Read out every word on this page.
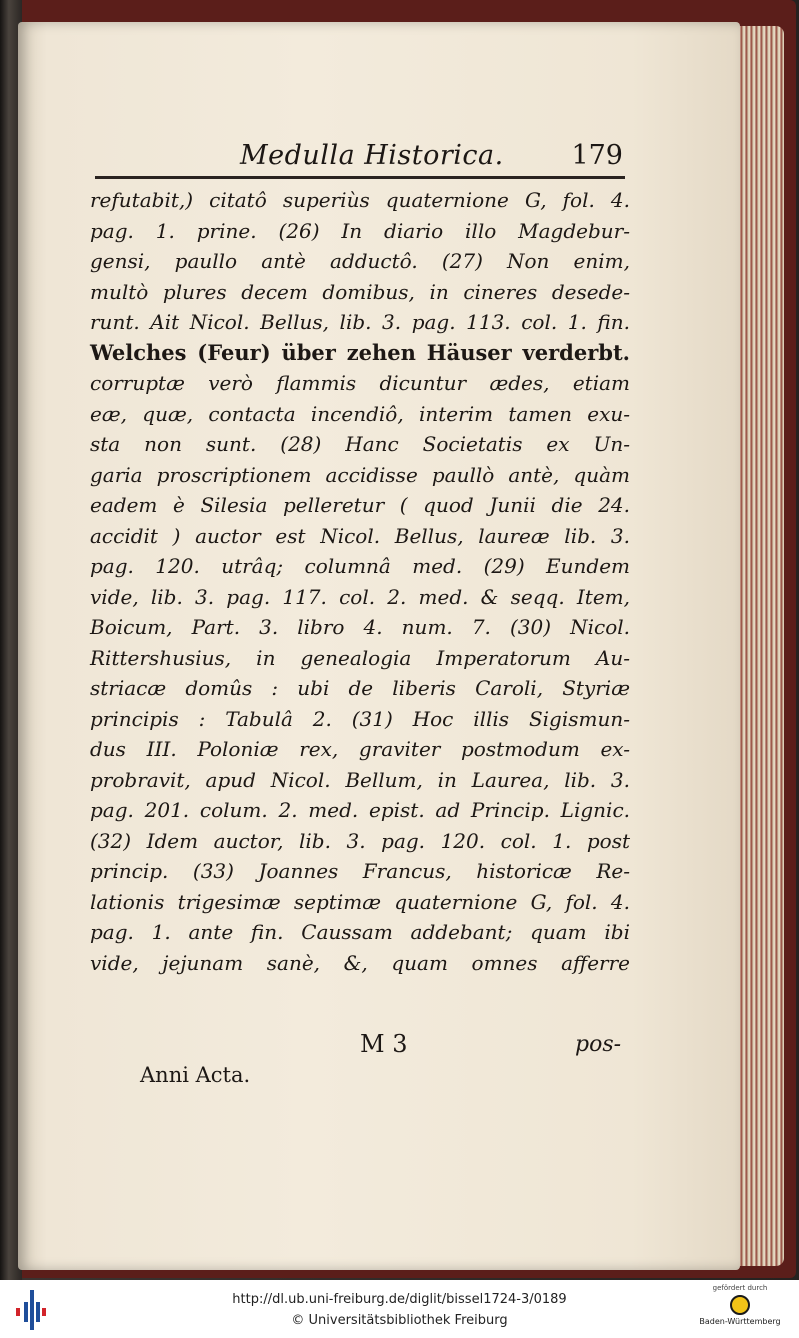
Medulla Historica.	179
refutabit,) citatô superiùs quaternione G, fol. 4.
pag. 1. prine. (26) In diario illo Magdebur-
gensi, paullo antè adductô. (27) Non enim,
multò plures decem domibus, in cineres desede-
runt. Ait Nicol. Bellus, lib. 3. pag. 113. col. 1. fin.
Welches (Feur) über zehen Häuser verderbt.
corruptæ verò flammis dicuntur ædes, etiam
eæ, quæ, contacta incendiô, interim tamen exu-
sta non sunt. (28) Hanc Societatis ex Un-
garia proscriptionem accidisse paullò antè, quàm
eadem è Silesia pelleretur ( quod Junii die 24.
accidit ) auctor est Nicol. Bellus, laureæ lib. 3.
pag. 120. utrâq; columnâ med. (29) Eundem
vide, lib. 3. pag. 117. col. 2. med. & seqq. Item,
Boicum, Part. 3. libro 4. num. 7. (30) Nicol.
Rittershusius, in genealogia Imperatorum Au-
striacæ domûs : ubi de liberis Caroli, Styriæ
principis : Tabulâ 2. (31) Hoc illis Sigismun-
dus III. Poloniæ rex, graviter postmodum ex-
probravit, apud Nicol. Bellum, in Laurea, lib. 3.
pag. 201. colum. 2. med. epist. ad Princip. Lignic.
(32) Idem auctor, lib. 3. pag. 120. col. 1. post
princip. (33) Joannes Francus, historicæ Re-
lationis trigesimæ septimæ quaternione G, fol. 4.
pag. 1. ante fin. Caussam addebant; quam ibi
vide, jejunam sanè, &, quam omnes afferre
M 3	pos-
Anni Acta.
http://dl.ub.uni-freiburg.de/diglit/bissel1724-3/0189
© Universitätsbibliothek Freiburg
gefördert durch
Baden-Württemberg
